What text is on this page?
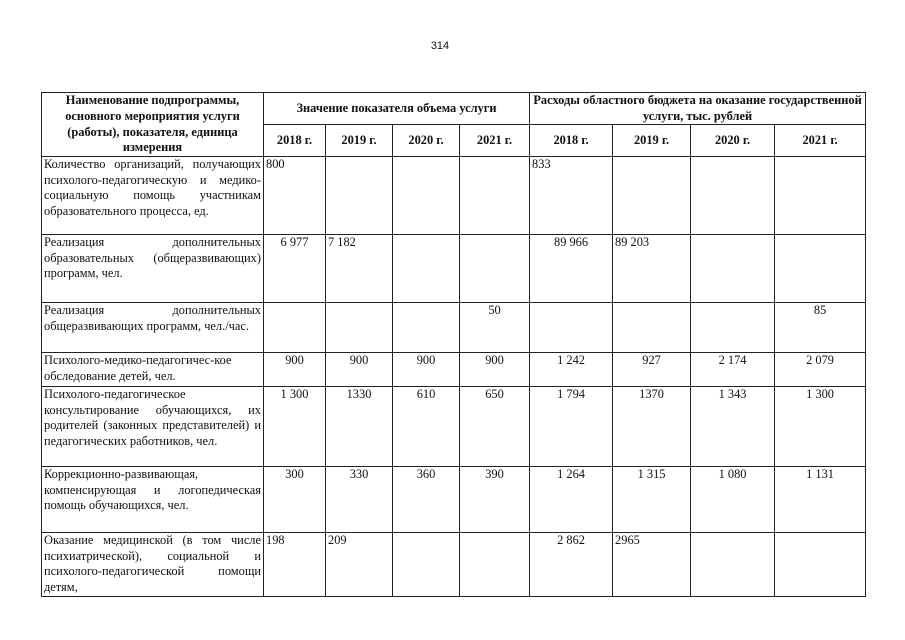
314
Наименование подпрограммы, основного мероприятия услуги (работы), показателя, единица измерения	Значение показателя объема услуги				Расходы областного бюджета на оказание государственной услуги, тыс. рублей			
	2018 г.	2019 г.	2020 г.	2021 г.	2018 г.	2019 г.	2020 г.	2021 г.
Количество организаций, получающих психолого-педагогическую и медико-социальную помощь участникам образовательного процесса, ед.	800				833			
Реализация дополнительных образовательных (общеразвивающих) программ, чел.	6 977	7 182			89 966	89 203		
Реализация дополнительных общеразвивающих программ, чел./час.				50				85
Психолого-медико-педагогичес-кое обследование детей, чел.	900	900	900	900	1 242	927	2 174	2 079
Психолого-педагогическое консультирование обучающихся, их родителей (законных представителей) и педагогических работников, чел.	1 300	1330	610	650	1 794	1370	1 343	1 300
Коррекционно-развивающая, компенсирующая и логопедическая помощь обучающихся, чел.	300	330	360	390	1 264	1 315	1 080	1 131
Оказание медицинской (в том числе психиатрической), социальной и психолого-педагогической помощи детям,	198	209			2 862	2965		
